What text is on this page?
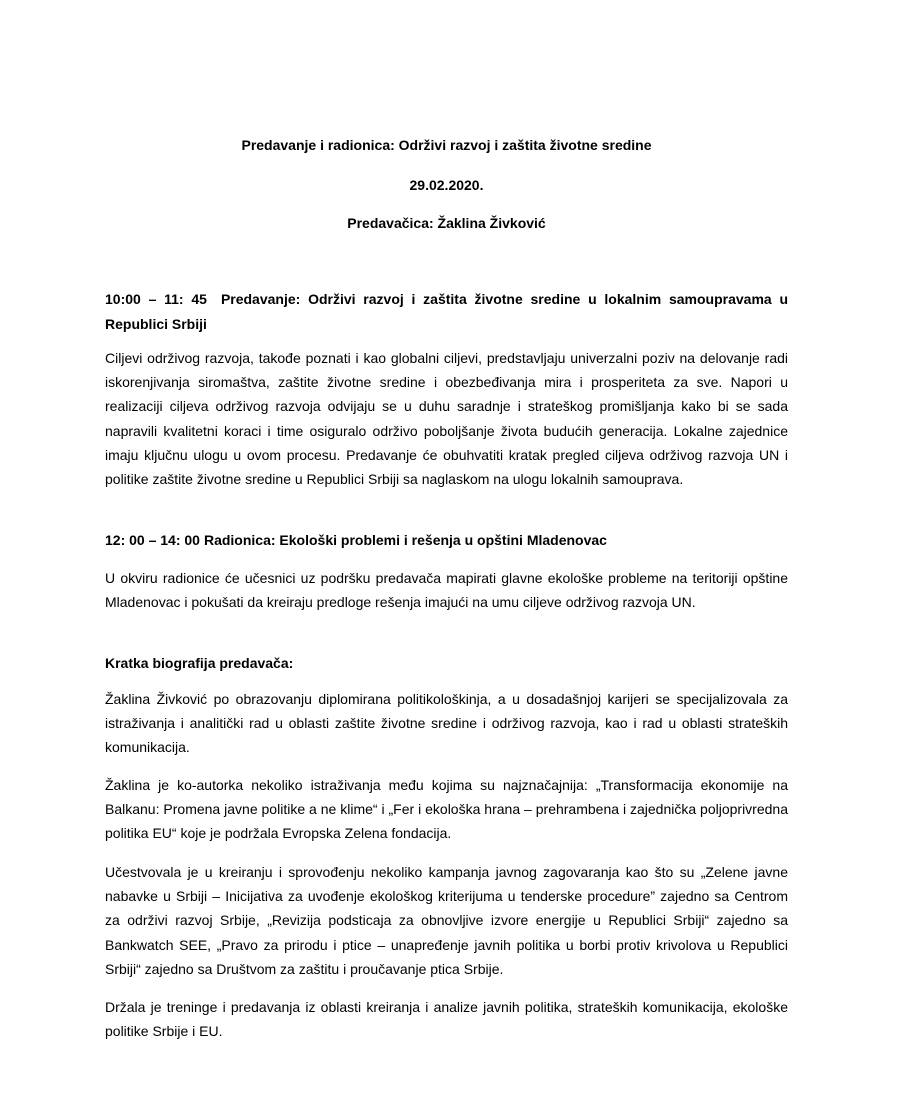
Predavanje i radionica: Održivi razvoj i zaštita životne sredine

29.02.2020.

Predavačica: Žaklina Živković

10:00 – 11: 45 Predavanje: Održivi razvoj i zaštita životne sredine u lokalnim samoupravama u Republici Srbiji

Ciljevi održivog razvoja, takođe poznati i kao globalni ciljevi, predstavljaju univerzalni poziv na delovanje radi iskorenjivanja siromaštva, zaštite životne sredine i obezbeđivanja mira i prosperiteta za sve. Napori u realizaciji ciljeva održivog razvoja odvijaju se u duhu saradnje i strateškog promišljanja kako bi se sada napravili kvalitetni koraci i time osiguralo održivo poboljšanje života budućih generacija. Lokalne zajednice imaju ključnu ulogu u ovom procesu. Predavanje će obuhvatiti kratak pregled ciljeva održivog razvoja UN i politike zaštite životne sredine u Republici Srbiji sa naglaskom na ulogu lokalnih samouprava.

12: 00 – 14: 00 Radionica: Ekološki problemi i rešenja u opštini Mladenovac

U okviru radionice će učesnici uz podršku predavača mapirati glavne ekološke probleme na teritoriji opštine Mladenovac i pokušati da kreiraju predloge rešenja imajući na umu ciljeve održivog razvoja UN.

Kratka biografija predavača:

Žaklina Živković po obrazovanju diplomirana politikološkinja, a u dosadašnjoj karijeri se specijalizovala za istraživanja i analitički rad u oblasti zaštite životne sredine i održivog razvoja, kao i rad u oblasti strateških komunikacija.

Žaklina je ko-autorka nekoliko istraživanja među kojima su najznačajnija: „Transformacija ekonomije na Balkanu: Promena javne politike a ne klime“ i „Fer i ekološka hrana – prehrambena i zajednička poljoprivredna politika EU“ koje je podržala Evropska Zelena fondacija.

Učestvovala je u kreiranju i sprovođenju nekoliko kampanja javnog zagovaranja kao što su „Zelene javne nabavke u Srbiji – Inicijativa za uvođenje ekološkog kriterijuma u tenderske procedure” zajedno sa Centrom za održivi razvoj Srbije, „Revizija podsticaja za obnovljive izvore energije u Republici Srbiji“ zajedno sa Bankwatch SEE, „Pravo za prirodu i ptice – unapređenje javnih politika u borbi protiv krivolova u Republici Srbiji“ zajedno sa Društvom za zaštitu i proučavanje ptica Srbije.

Držala je treninge i predavanja iz oblasti kreiranja i analize javnih politika, strateških komunikacija, ekološke politike Srbije i EU.
